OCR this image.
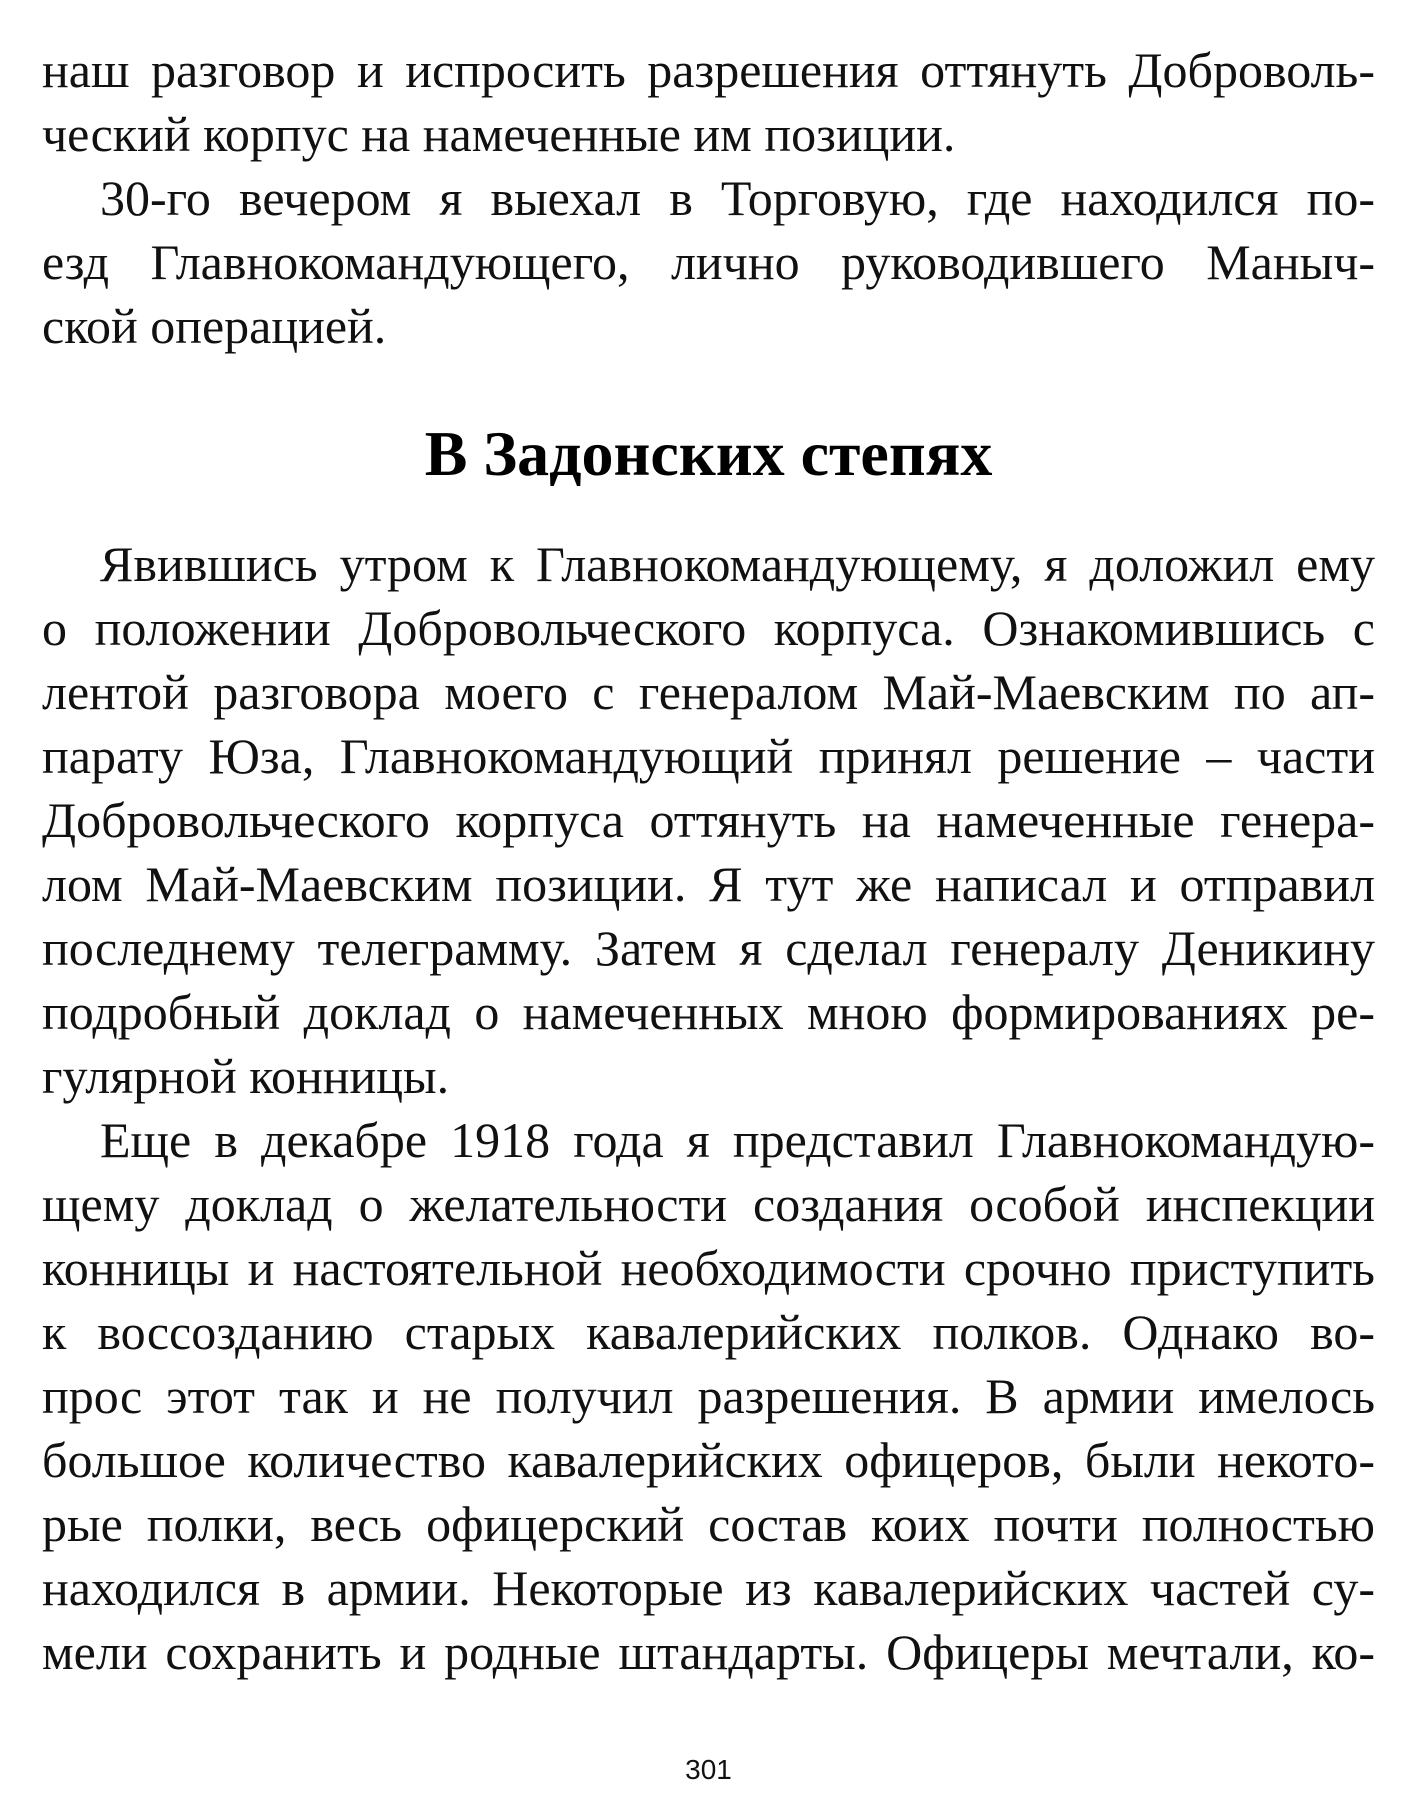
наш разговор и испросить разрешения оттянуть Доброволь-
ческий корпус на намеченные им позиции.
30-го вечером я выехал в Торговую, где находился по-
езд Главнокомандующего, лично руководившего Маныч-
ской операцией.
В Задонских степях
Явившись утром к Главнокомандующему, я доложил ему
о положении Добровольческого корпуса. Ознакомившись с
лентой разговора моего с генералом Май-Маевским по ап-
парату Юза, Главнокомандующий принял решение – части
Добровольческого корпуса оттянуть на намеченные генера-
лом Май-Маевским позиции. Я тут же написал и отправил
последнему телеграмму. Затем я сделал генералу Деникину
подробный доклад о намеченных мною формированиях ре-
гулярной конницы.
Еще в декабре 1918 года я представил Главнокомандую-
щему доклад о желательности создания особой инспекции
конницы и настоятельной необходимости срочно приступить
к воссозданию старых кавалерийских полков. Однако во-
прос этот так и не получил разрешения. В армии имелось
большое количество кавалерийских офицеров, были некото-
рые полки, весь офицерский состав коих почти полностью
находился в армии. Некоторые из кавалерийских частей су-
мели сохранить и родные штандарты. Офицеры мечтали, ко-
301
